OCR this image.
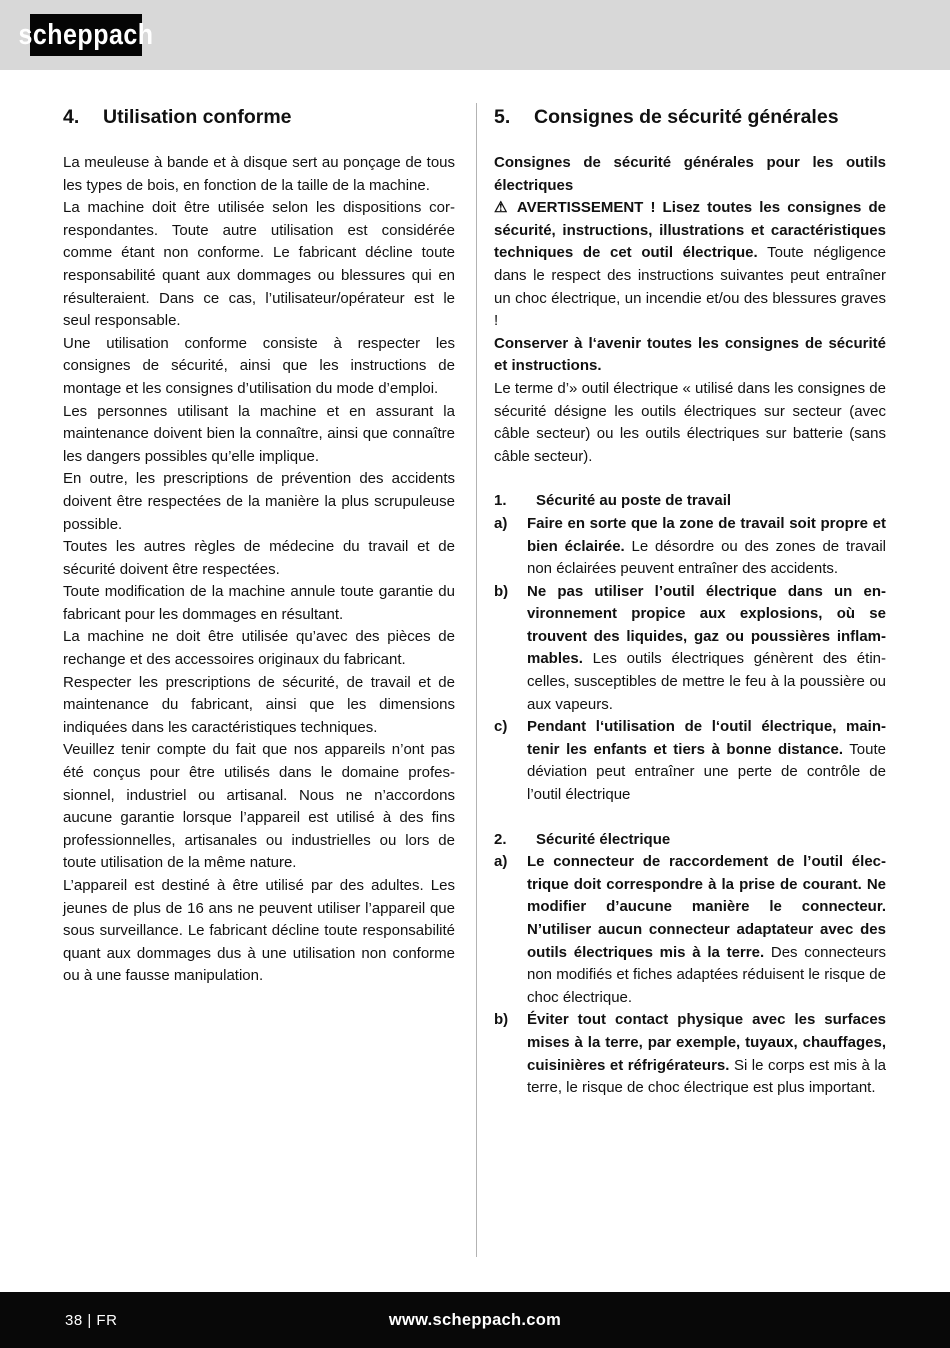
scheppach
4.	Utilisation conforme

La meuleuse à bande et à disque sert au ponçage de tous les types de bois, en fonction de la taille de la machine.

La machine doit être utilisée selon les dispositions correspondantes. Toute autre utilisation est considérée comme étant non conforme. Le fabricant décline toute responsabilité quant aux dommages ou blessures qui en résulteraient. Dans ce cas, l’utilisateur/opérateur est le seul responsable.

Une utilisation conforme consiste à respecter les consignes de sécurité, ainsi que les instructions de montage et les consignes d’utilisation du mode d’emploi.

Les personnes utilisant la machine et en assurant la maintenance doivent bien la connaître, ainsi que connaître les dangers possibles qu’elle implique.

En outre, les prescriptions de prévention des accidents doivent être respectées de la manière la plus scrupuleuse possible.

Toutes les autres règles de médecine du travail et de sécurité doivent être respectées.

Toute modification de la machine annule toute garantie du fabricant pour les dommages en résultant.

La machine ne doit être utilisée qu’avec des pièces de rechange et des accessoires originaux du fabricant.

Respecter les prescriptions de sécurité, de travail et de maintenance du fabricant, ainsi que les dimensions indiquées dans les caractéristiques techniques.

Veuillez tenir compte du fait que nos appareils n’ont pas été conçus pour être utilisés dans le domaine professionnel, industriel ou artisanal. Nous ne n’accordons aucune garantie lorsque l’appareil est utilisé à des fins professionnelles, artisanales ou industrielles ou lors de toute utilisation de la même nature.

L’appareil est destiné à être utilisé par des adultes. Les jeunes de plus de 16 ans ne peuvent utiliser l’appareil que sous surveillance. Le fabricant décline toute responsabilité quant aux dommages dus à une utilisation non conforme ou à une fausse manipulation.

5.	Consignes de sécurité générales

Consignes de sécurité générales pour les outils électriques

⚠ AVERTISSEMENT ! Lisez toutes les consignes de sécurité, instructions, illustrations et caractéristiques techniques de cet outil électrique. Toute négligence dans le respect des instructions suivantes peut entraîner un choc électrique, un incendie et/ou des blessures graves !

Conserver à l‘avenir toutes les consignes de sécurité et instructions.

Le terme d’» outil électrique « utilisé dans les consignes de sécurité désigne les outils électriques sur secteur (avec câble secteur) ou les outils électriques sur batterie (sans câble secteur).

1.	Sécurité au poste de travail
a) Faire en sorte que la zone de travail soit propre et bien éclairée. Le désordre ou des zones de travail non éclairées peuvent entraîner des accidents.

b) Ne pas utiliser l’outil électrique dans un environnement propice aux explosions, où se trouvent des liquides, gaz ou poussières inflammables. Les outils électriques génèrent des étincelles, susceptibles de mettre le feu à la poussière ou aux vapeurs.

c) Pendant l‘utilisation de l‘outil électrique, maintenir les enfants et tiers à bonne distance. Toute déviation peut entraîner une perte de contrôle de l’outil électrique

2.	Sécurité électrique
a) Le connecteur de raccordement de l’outil électrique doit correspondre à la prise de courant. Ne modifier d’aucune manière le connecteur. N’utiliser aucun connecteur adaptateur avec des outils électriques mis à la terre. Des connecteurs non modifiés et fiches adaptées réduisent le risque de choc électrique.

b) Éviter tout contact physique avec les surfaces mises à la terre, par exemple, tuyaux, chauffages, cuisinières et réfrigérateurs. Si le corps est mis à la terre, le risque de choc électrique est plus important.

38 | FR	www.scheppach.com
